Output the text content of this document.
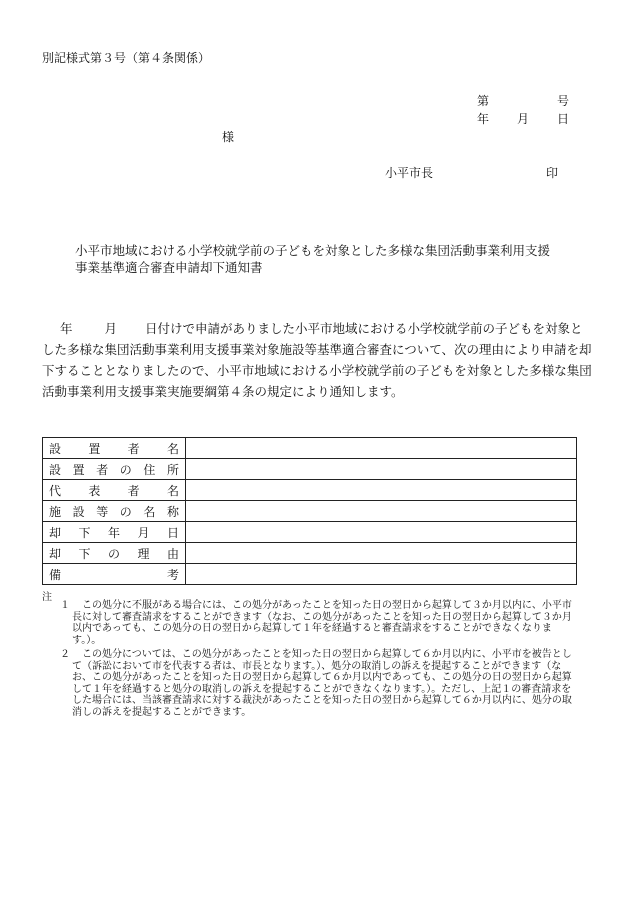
別記様式第３号（第４条関係）
第	号
年 月 日
様
小平市長	印
小平市地域における小学校就学前の子どもを対象とした多様な集団活動事業利用支援事業基準適合審査申請却下通知書
年	月 日付けで申請がありました小平市地域における小学校就学前の子どもを対象とした多様な集団活動事業利用支援事業対象施設等基準適合審査について、次の理由により申請を却下することとなりましたので、小平市地域における小学校就学前の子どもを対象とした多様な集団活動事業利用支援事業実施要綱第４条の規定により通知します。
設置者名	
設置者の住所	
代表者名	
施設等の名称	
却下年月日	
却下の理由	
備考	
注
１	この処分に不服がある場合には、この処分があったことを知った日の翌日から起算して３か月以内に、小平市長に対して審査請求をすることができます（なお、この処分があったことを知った日の翌日から起算して３か月以内であっても、この処分の日の翌日から起算して１年を経過すると審査請求をすることができなくなります。）。
２	この処分については、この処分があったことを知った日の翌日から起算して６か月以内に、小平市を被告として（訴訟において市を代表する者は、市長となります。）、処分の取消しの訴えを提起することができます（なお、この処分があったことを知った日の翌日から起算して６か月以内であっても、この処分の日の翌日から起算して１年を経過すると処分の取消しの訴えを提起することができなくなります。）。ただし、上記１の審査請求をした場合には、当該審査請求に対する裁決があったことを知った日の翌日から起算して６か月以内に、処分の取消しの訴えを提起することができます。
